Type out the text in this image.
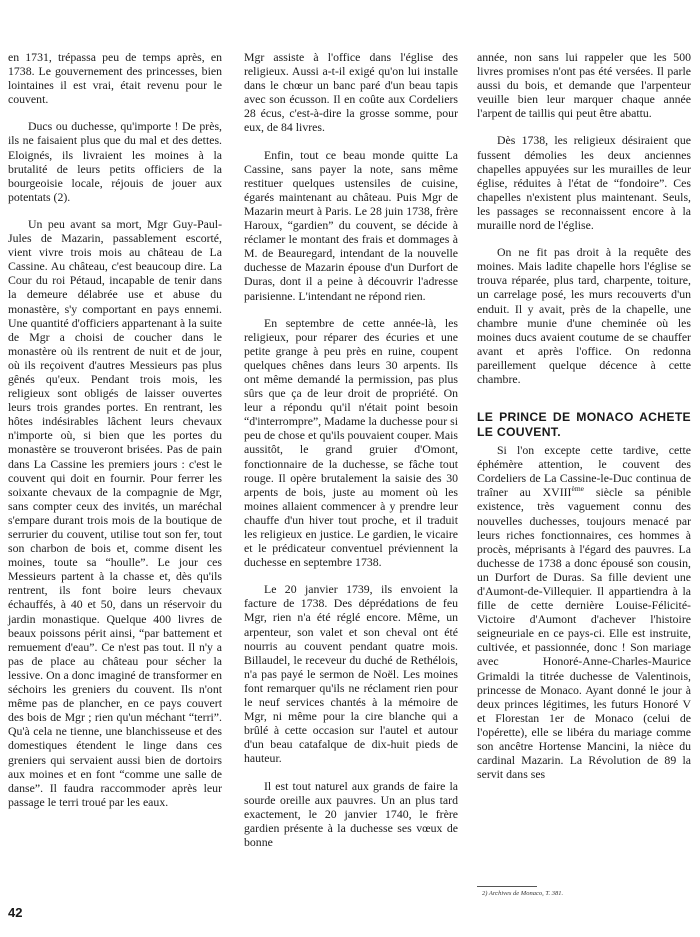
en 1731, trépassa peu de temps après, en 1738. Le gouvernement des princesses, bien lointaines il est vrai, était revenu pour le couvent.

Ducs ou duchesse, qu'importe ! De près, ils ne faisaient plus que du mal et des dettes. Eloignés, ils livraient les moines à la brutalité de leurs petits officiers de la bourgeoisie locale, réjouis de jouer aux potentats (2).

Un peu avant sa mort, Mgr Guy-Paul-Jules de Mazarin, passablement escorté, vient vivre trois mois au château de La Cassine. Au château, c'est beaucoup dire. La Cour du roi Pétaud, incapable de tenir dans la demeure délabrée use et abuse du monastère, s'y comportant en pays ennemi. Une quantité d'officiers appartenant à la suite de Mgr a choisi de coucher dans le monastère où ils rentrent de nuit et de jour, où ils reçoivent d'autres Messieurs pas plus gênés qu'eux. Pendant trois mois, les religieux sont obligés de laisser ouvertes leurs trois grandes portes. En rentrant, les hôtes indésirables lâchent leurs chevaux n'importe où, si bien que les portes du monastère se trouveront brisées. Pas de pain dans La Cassine les premiers jours : c'est le couvent qui doit en fournir. Pour ferrer les soixante chevaux de la compagnie de Mgr, sans compter ceux des invités, un maréchal s'empare durant trois mois de la boutique de serrurier du couvent, utilise tout son fer, tout son charbon de bois et, comme disent les moines, toute sa “houlle”. Le jour ces Messieurs partent à la chasse et, dès qu'ils rentrent, ils font boire leurs chevaux échauffés, à 40 et 50, dans un réservoir du jardin monastique. Quelque 400 livres de beaux poissons périt ainsi, “par battement et remuement d'eau”. Ce n'est pas tout. Il n'y a pas de place au château pour sécher la lessive. On a donc imaginé de transformer en séchoirs les greniers du couvent. Ils n'ont même pas de plancher, en ce pays couvert des bois de Mgr ; rien qu'un méchant “terri”. Qu'à cela ne tienne, une blanchisseuse et des domestiques étendent le linge dans ces greniers qui servaient aussi bien de dortoirs aux moines et en font “comme une salle de danse”. Il faudra raccommoder après leur passage le terri troué par les eaux.

Mgr assiste à l'office dans l'église des religieux. Aussi a-t-il exigé qu'on lui installe dans le chœur un banc paré d'un beau tapis avec son écusson. Il en coûte aux Cordeliers 28 écus, c'est-à-dire la grosse somme, pour eux, de 84 livres.

Enfin, tout ce beau monde quitte La Cassine, sans payer la note, sans même restituer quelques ustensiles de cuisine, égarés maintenant au château. Puis Mgr de Mazarin meurt à Paris. Le 28 juin 1738, frère Haroux, “gardien” du couvent, se décide à réclamer le montant des frais et dommages à M. de Beauregard, intendant de la nouvelle duchesse de Mazarin épouse d'un Durfort de Duras, dont il a peine à découvrir l'adresse parisienne. L'intendant ne répond rien.

En septembre de cette année-là, les religieux, pour réparer des écuries et une petite grange à peu près en ruine, coupent quelques chênes dans leurs 30 arpents. Ils ont même demandé la permission, pas plus sûrs que ça de leur droit de propriété. On leur a répondu qu'il n'était point besoin “d'interrompre”, Madame la duchesse pour si peu de chose et qu'ils pouvaient couper. Mais aussitôt, le grand gruier d'Omont, fonctionnaire de la duchesse, se fâche tout rouge. Il opère brutalement la saisie des 30 arpents de bois, juste au moment où les moines allaient commencer à y prendre leur chauffe d'un hiver tout proche, et il traduit les religieux en justice. Le gardien, le vicaire et le prédicateur conventuel préviennent la duchesse en septembre 1738.

Le 20 janvier 1739, ils envoient la facture de 1738. Des déprédations de feu Mgr, rien n'a été réglé encore. Même, un arpenteur, son valet et son cheval ont été nourris au couvent pendant quatre mois. Billaudel, le receveur du duché de Rethélois, n'a pas payé le sermon de Noël. Les moines font remarquer qu'ils ne réclament rien pour le neuf services chantés à la mémoire de Mgr, ni même pour la cire blanche qui a brûlé à cette occasion sur l'autel et autour d'un beau catafalque de dix-huit pieds de hauteur.

Il est tout naturel aux grands de faire la sourde oreille aux pauvres. Un an plus tard exactement, le 20 janvier 1740, le frère gardien présente à la duchesse ses vœux de bonne

année, non sans lui rappeler que les 500 livres promises n'ont pas été versées. Il parle aussi du bois, et demande que l'arpenteur veuille bien leur marquer chaque année l'arpent de taillis qui peut être abattu.

Dès 1738, les religieux désiraient que fussent démolies les deux anciennes chapelles appuyées sur les murailles de leur église, réduites à l'état de “fondoire”. Ces chapelles n'existent plus maintenant. Seuls, les passages se reconnaissent encore à la muraille nord de l'église.

On ne fit pas droit à la requête des moines. Mais ladite chapelle hors l'église se trouva réparée, plus tard, charpente, toiture, un carrelage posé, les murs recouverts d'un enduit. Il y avait, près de la chapelle, une chambre munie d'une cheminée où les moines ducs avaient coutume de se chauffer avant et après l'office. On redonna pareillement quelque décence à cette chambre.

LE PRINCE DE MONACO ACHETE LE COUVENT.

Si l'on excepte cette tardive, cette éphémère attention, le couvent des Cordeliers de La Cassine-le-Duc continua de traîner au XVIIIème siècle sa pénible existence, très vaguement connu des nouvelles duchesses, toujours menacé par leurs riches fonctionnaires, ces hommes à procès, méprisants à l'égard des pauvres. La duchesse de 1738 a donc épousé son cousin, un Durfort de Duras. Sa fille devient une d'Aumont-de-Villequier. Il appartiendra à la fille de cette dernière Louise-Félicité-Victoire d'Aumont d'achever l'histoire seigneuriale en ce pays-ci. Elle est instruite, cultivée, et passionnée, donc ! Son mariage avec Honoré-Anne-Charles-Maurice Grimaldi la titrée duchesse de Valentinois, princesse de Monaco. Ayant donné le jour à deux princes légitimes, les futurs Honoré V et Florestan 1er de Monaco (celui de l'opérette), elle se libéra du mariage comme son ancêtre Hortense Mancini, la nièce du cardinal Mazarin. La Révolution de 89 la servit dans ses

2) Archives de Monaco, T. 381.
42
